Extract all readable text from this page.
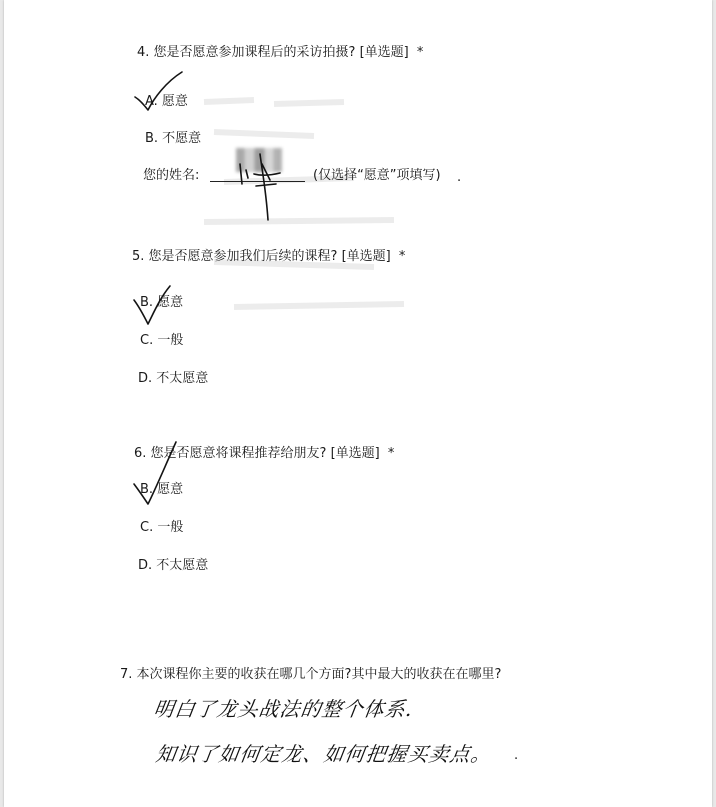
4. 您是否愿意参加课程后的采访拍摄? [单选题] *
A. 愿意
B. 不愿意
您的姓名:	(仅选择“愿意”项填写) .
5. 您是否愿意参加我们后续的课程? [单选题] *
B. 愿意
C. 一般
D. 不太愿意
6. 您是否愿意将课程推荐给朋友? [单选题] *
B. 愿意
C. 一般
D. 不太愿意
7. 本次课程你主要的收获在哪几个方面?其中最大的收获在在哪里?
明白了龙头战法的整个体系.
知识了如何定龙、如何把握买卖点。 .
